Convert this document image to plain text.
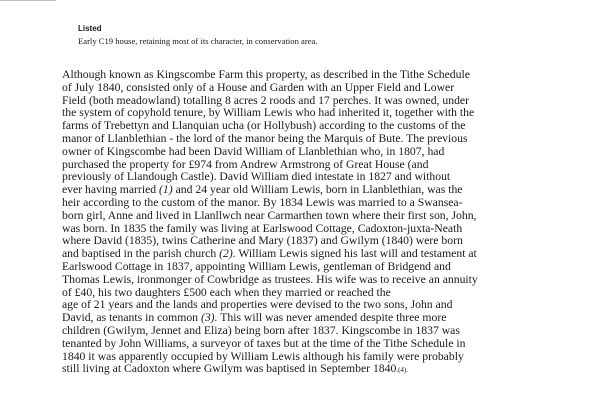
Listed
Early C19 house, retaining most of its character, in conservation area.

Although known as Kingscombe Farm this property, as described in the Tithe Schedule
of July 1840, consisted only of a House and Garden with an Upper Field and Lower
Field (both meadowland) totalling 8 acres 2 roods and 17 perches. It was owned, under
the system of copyhold tenure, by William Lewis who had inherited it, together with the
farms of Trebettyn and Llanquian ucha (or Hollybush) according to the customs of the
manor of Llanblethian - the lord of the manor being the Marquis of Bute. The previous
owner of Kingscombe had been David William of Llanblethian who, in 1807, had
purchased the property for £974 from Andrew Armstrong of Great House (and
previously of Llandough Castle). David William died intestate in 1827 and without
ever having married (1) and 24 year old William Lewis, born in Llanblethian, was the
heir according to the custom of the manor. By 1834 Lewis was married to a Swansea-
born girl, Anne and lived in Llanllwch near Carmarthen town where their first son, John,
was born. In 1835 the family was living at Earlswood Cottage, Cadoxton-juxta-Neath
where David (1835), twins Catherine and Mary (1837) and Gwilym (1840) were born
and baptised in the parish church (2). William Lewis signed his last will and testament at
Earlswood Cottage in 1837, appointing William Lewis, gentleman of Bridgend and
Thomas Lewis, ironmonger of Cowbridge as trustees. His wife was to receive an annuity
of £40, his two daughters £500 each when they married or reached the
age of 21 years and the lands and properties were devised to the two sons, John and
David, as tenants in common (3). This will was never amended despite three more
children (Gwilym, Jennet and Eliza) being born after 1837. Kingscombe in 1837 was
tenanted by John Williams, a surveyor of taxes but at the time of the Tithe Schedule in
1840 it was apparently occupied by William Lewis although his family were probably
still living at Cadoxton where Gwilym was baptised in September 1840.(4).
